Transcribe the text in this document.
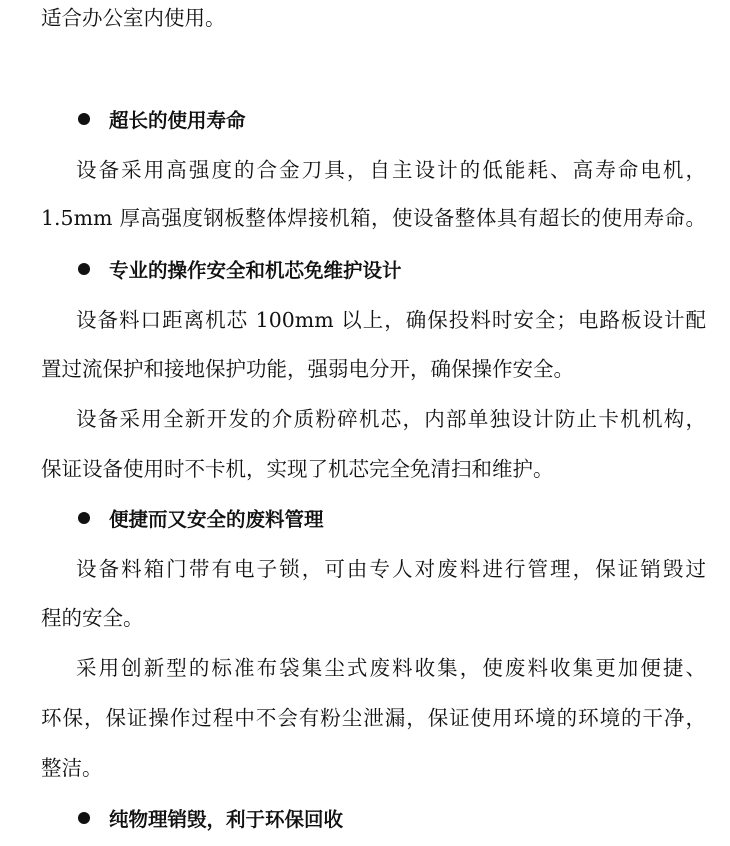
适合办公室内使用。
超长的使用寿命
设备采用高强度的合金刀具，自主设计的低能耗、高寿命电机，
1.5mm 厚高强度钢板整体焊接机箱，使设备整体具有超长的使用寿命。
专业的操作安全和机芯免维护设计
设备料口距离机芯 100mm 以上，确保投料时安全；电路板设计配
置过流保护和接地保护功能，强弱电分开，确保操作安全。
设备采用全新开发的介质粉碎机芯，内部单独设计防止卡机机构，
保证设备使用时不卡机，实现了机芯完全免清扫和维护。
便捷而又安全的废料管理
设备料箱门带有电子锁，可由专人对废料进行管理，保证销毁过
程的安全。
采用创新型的标准布袋集尘式废料收集，使废料收集更加便捷、
环保，保证操作过程中不会有粉尘泄漏，保证使用环境的环境的干净，
整洁。
纯物理销毁，利于环保回收
